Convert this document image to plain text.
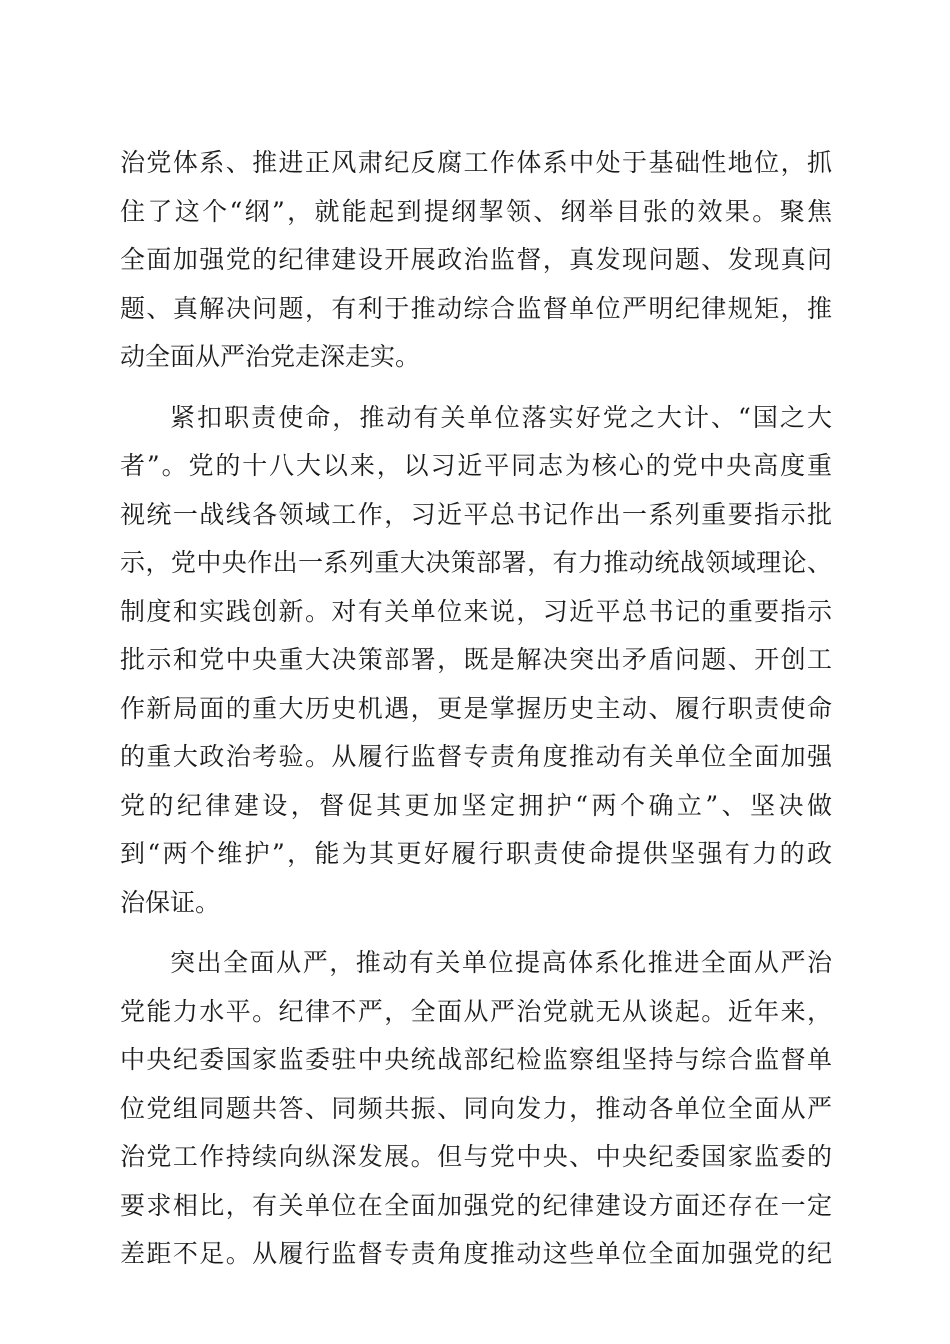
治党体系、推进正风肃纪反腐工作体系中处于基础性地位，抓
住了这个“纲”，就能起到提纲挈领、纲举目张的效果。聚焦
全面加强党的纪律建设开展政治监督，真发现问题、发现真问
题、真解决问题，有利于推动综合监督单位严明纪律规矩，推
动全面从严治党走深走实。
紧扣职责使命，推动有关单位落实好党之大计、“国之大
者”。党的十八大以来，以习近平同志为核心的党中央高度重
视统一战线各领域工作，习近平总书记作出一系列重要指示批
示，党中央作出一系列重大决策部署，有力推动统战领域理论、
制度和实践创新。对有关单位来说，习近平总书记的重要指示
批示和党中央重大决策部署，既是解决突出矛盾问题、开创工
作新局面的重大历史机遇，更是掌握历史主动、履行职责使命
的重大政治考验。从履行监督专责角度推动有关单位全面加强
党的纪律建设，督促其更加坚定拥护“两个确立”、坚决做
到“两个维护”，能为其更好履行职责使命提供坚强有力的政
治保证。
突出全面从严，推动有关单位提高体系化推进全面从严治
党能力水平。纪律不严，全面从严治党就无从谈起。近年来，
中央纪委国家监委驻中央统战部纪检监察组坚持与综合监督单
位党组同题共答、同频共振、同向发力，推动各单位全面从严
治党工作持续向纵深发展。但与党中央、中央纪委国家监委的
要求相比，有关单位在全面加强党的纪律建设方面还存在一定
差距不足。从履行监督专责角度推动这些单位全面加强党的纪
